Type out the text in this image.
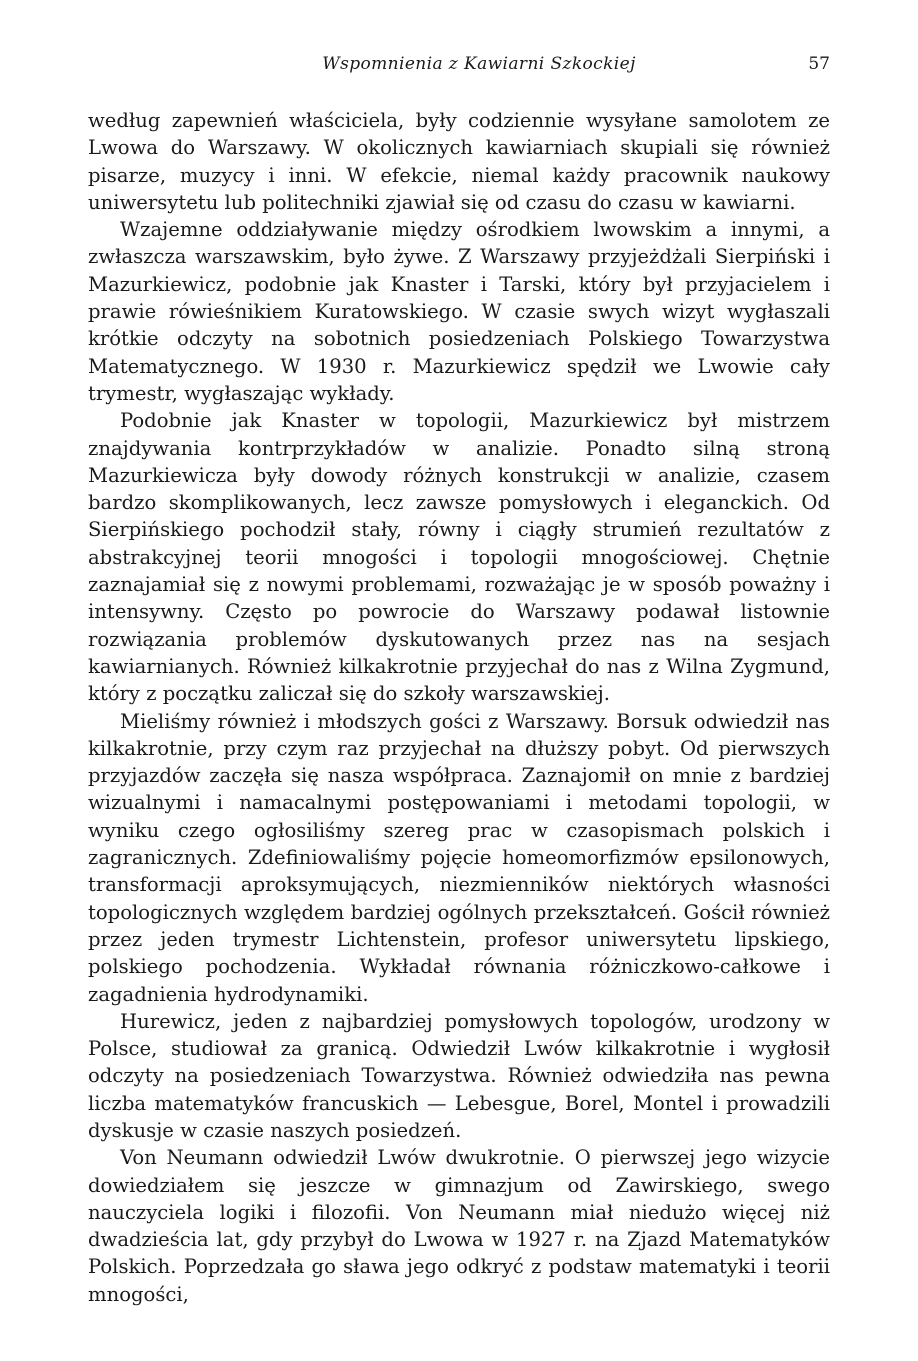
Wspomnienia z Kawiarni Szkockiej	57

według zapewnień właściciela, były codziennie wysyłane samolotem ze Lwowa do Warszawy. W okolicznych kawiarniach skupiali się również pisarze, muzycy i inni. W efekcie, niemal każdy pracownik naukowy uniwersytetu lub politechniki zjawiał się od czasu do czasu w kawiarni.

Wzajemne oddziaływanie między ośrodkiem lwowskim a innymi, a zwłaszcza warszawskim, było żywe. Z Warszawy przyjeżdżali Sierpiński i Mazurkiewicz, podobnie jak Knaster i Tarski, który był przyjacielem i prawie rówieśnikiem Kuratowskiego. W czasie swych wizyt wygłaszali krótkie odczyty na sobotnich posiedzeniach Polskiego Towarzystwa Matematycznego. W 1930 r. Mazurkiewicz spędził we Lwowie cały trymestr, wygłaszając wykłady.

Podobnie jak Knaster w topologii, Mazurkiewicz był mistrzem znajdywania kontrprzykładów w analizie. Ponadto silną stroną Mazurkiewicza były dowody różnych konstrukcji w analizie, czasem bardzo skomplikowanych, lecz zawsze pomysłowych i eleganckich. Od Sierpińskiego pochodził stały, równy i ciągły strumień rezultatów z abstrakcyjnej teorii mnogości i topologii mnogościowej. Chętnie zaznajamiał się z nowymi problemami, rozważając je w sposób poważny i intensywny. Często po powrocie do Warszawy podawał listownie rozwiązania problemów dyskutowanych przez nas na sesjach kawiarnianych. Również kilkakrotnie przyjechał do nas z Wilna Zygmund, który z początku zaliczał się do szkoły warszawskiej.

Mieliśmy również i młodszych gości z Warszawy. Borsuk odwiedził nas kilkakrotnie, przy czym raz przyjechał na dłuższy pobyt. Od pierwszych przyjazdów zaczęła się nasza współpraca. Zaznajomił on mnie z bardziej wizualnymi i namacalnymi postępowaniami i metodami topologii, w wyniku czego ogłosiliśmy szereg prac w czasopismach polskich i zagranicznych. Zdefiniowaliśmy pojęcie homeomorfizmów epsilonowych, transformacji aproksymujących, niezmienników niektórych własności topologicznych względem bardziej ogólnych przekształceń. Gościł również przez jeden trymestr Lichtenstein, profesor uniwersytetu lipskiego, polskiego pochodzenia. Wykładał równania różniczkowo-całkowe i zagadnienia hydrodynamiki.

Hurewicz, jeden z najbardziej pomysłowych topologów, urodzony w Polsce, studiował za granicą. Odwiedził Lwów kilkakrotnie i wygłosił odczyty na posiedzeniach Towarzystwa. Również odwiedziła nas pewna liczba matematyków francuskich — Lebesgue, Borel, Montel i prowadzili dyskusje w czasie naszych posiedzeń.

Von Neumann odwiedził Lwów dwukrotnie. O pierwszej jego wizycie dowiedziałem się jeszcze w gimnazjum od Zawirskiego, swego nauczyciela logiki i filozofii. Von Neumann miał niedużo więcej niż dwadzieścia lat, gdy przybył do Lwowa w 1927 r. na Zjazd Matematyków Polskich. Poprzedzała go sława jego odkryć z podstaw matematyki i teorii mnogości,
